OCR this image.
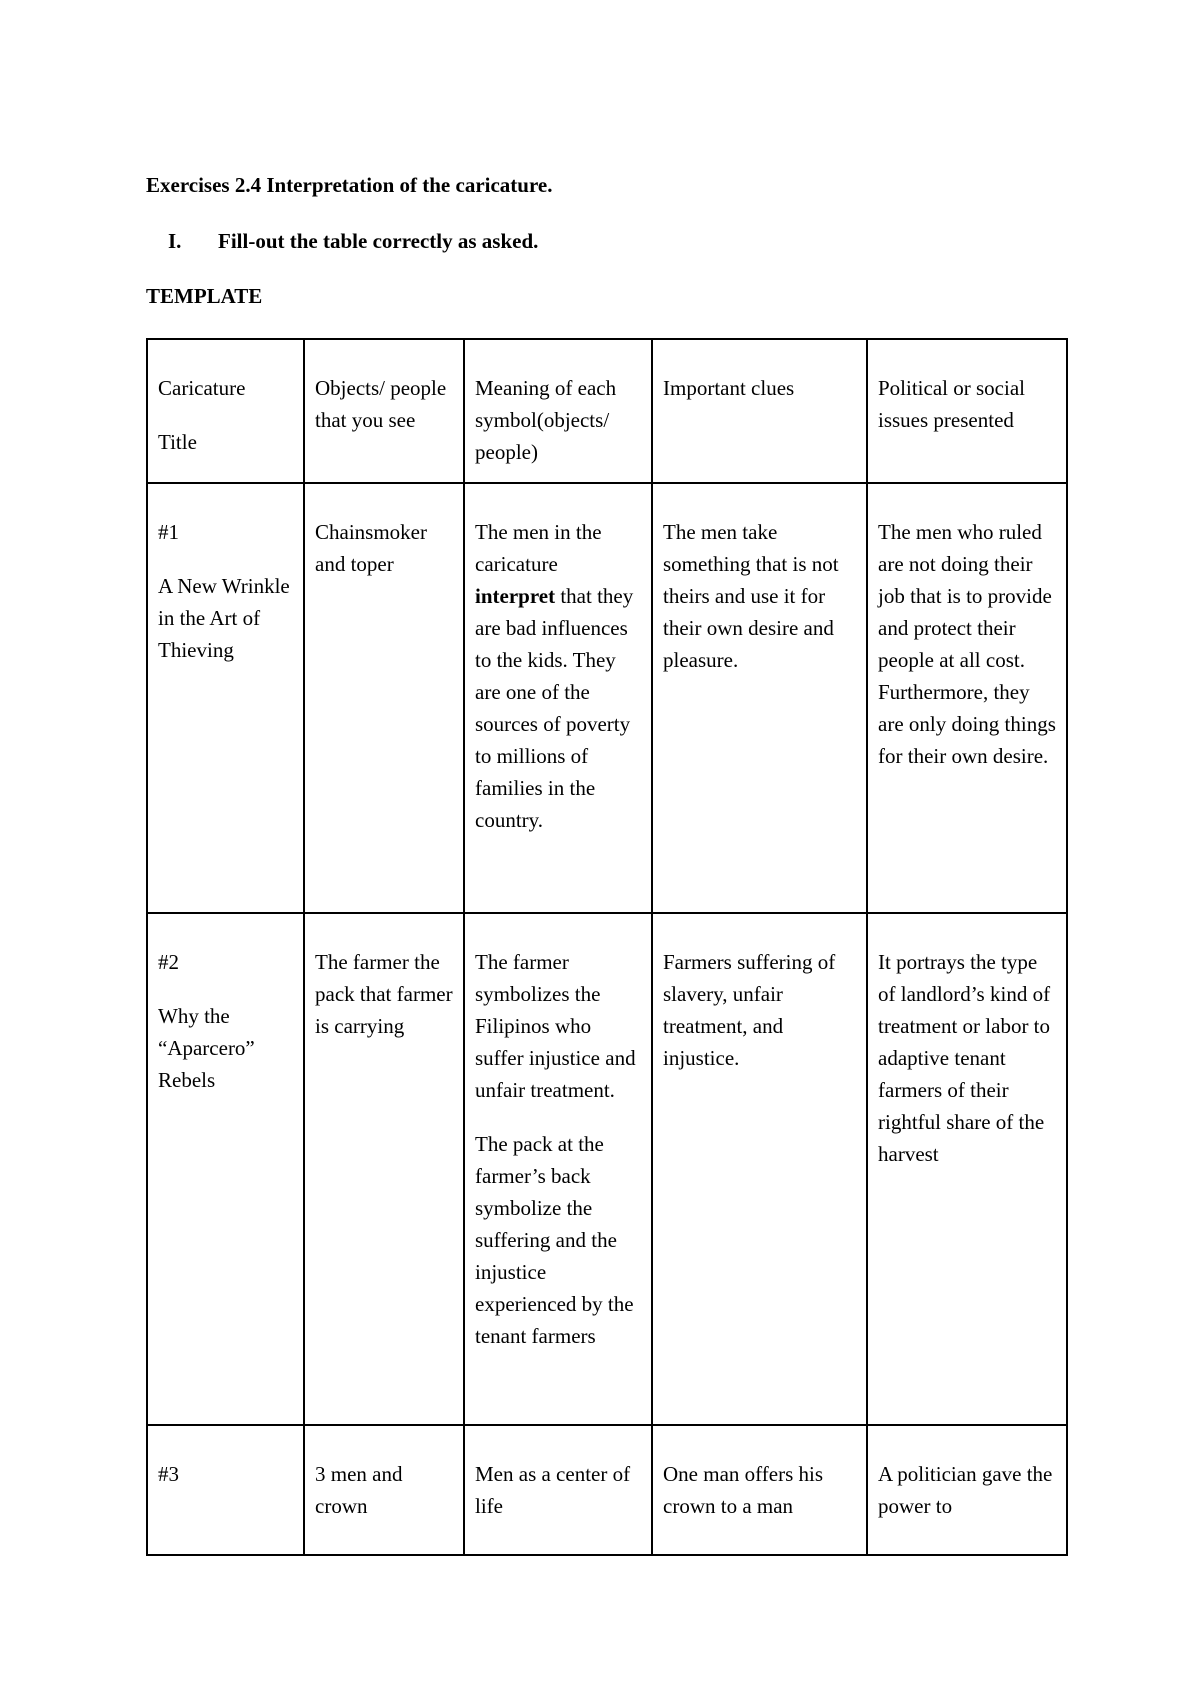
Exercises 2.4 Interpretation of the caricature.
I. Fill-out the table correctly as asked.
TEMPLATE
Caricature
Title	Objects/ people that you see	Meaning of each symbol(objects/ people)	Important clues	Political or social issues presented

#1
A New Wrinkle in the Art of Thieving	Chainsmoker and toper	The men in the caricature interpret that they are bad influences to the kids. They are one of the sources of poverty to millions of families in the country.	The men take something that is not theirs and use it for their own desire and pleasure.	The men who ruled are not doing their job that is to provide and protect their people at all cost. Furthermore, they are only doing things for their own desire.

#2
Why the “Aparcero” Rebels	The farmer the pack that farmer is carrying	The farmer symbolizes the Filipinos who suffer injustice and unfair treatment.
The pack at the farmer’s back symbolize the suffering and the injustice experienced by the tenant farmers	Farmers suffering of slavery, unfair treatment, and injustice.	It portrays the type of landlord’s kind of treatment or labor to adaptive tenant farmers of their rightful share of the harvest

#3	3 men and crown	Men as a center of life	One man offers his crown to a man	A politician gave the power to
